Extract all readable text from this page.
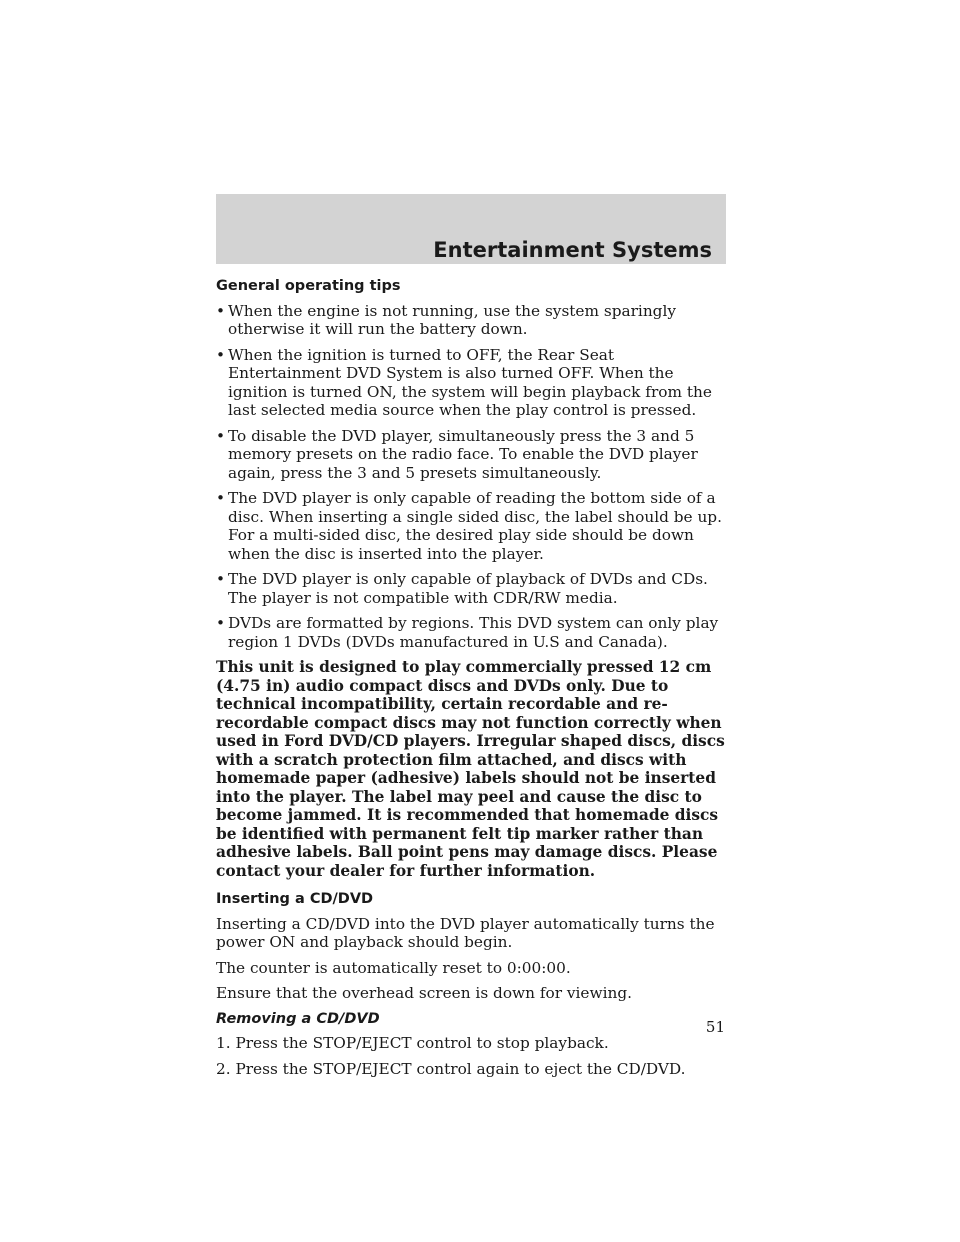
Entertainment Systems
General operating tips
• When the engine is not running, use the system sparingly otherwise it will run the battery down.
• When the ignition is turned to OFF, the Rear Seat Entertainment DVD System is also turned OFF. When the ignition is turned ON, the system will begin playback from the last selected media source when the play control is pressed.
• To disable the DVD player, simultaneously press the 3 and 5 memory presets on the radio face. To enable the DVD player again, press the 3 and 5 presets simultaneously.
• The DVD player is only capable of reading the bottom side of a disc. When inserting a single sided disc, the label should be up. For a multi-sided disc, the desired play side should be down when the disc is inserted into the player.
• The DVD player is only capable of playback of DVDs and CDs. The player is not compatible with CDR/RW media.
• DVDs are formatted by regions. This DVD system can only play region 1 DVDs (DVDs manufactured in U.S and Canada).

This unit is designed to play commercially pressed 12 cm (4.75 in) audio compact discs and DVDs only. Due to technical incompatibility, certain recordable and re-recordable compact discs may not function correctly when used in Ford DVD/CD players. Irregular shaped discs, discs with a scratch protection film attached, and discs with homemade paper (adhesive) labels should not be inserted into the player. The label may peel and cause the disc to become jammed. It is recommended that homemade discs be identified with permanent felt tip marker rather than adhesive labels. Ball point pens may damage discs. Please contact your dealer for further information.

Inserting a CD/DVD

Inserting a CD/DVD into the DVD player automatically turns the power ON and playback should begin.

The counter is automatically reset to 0:00:00.

Ensure that the overhead screen is down for viewing.

Removing a CD/DVD

1. Press the STOP/EJECT control to stop playback.

2. Press the STOP/EJECT control again to eject the CD/DVD.

51
